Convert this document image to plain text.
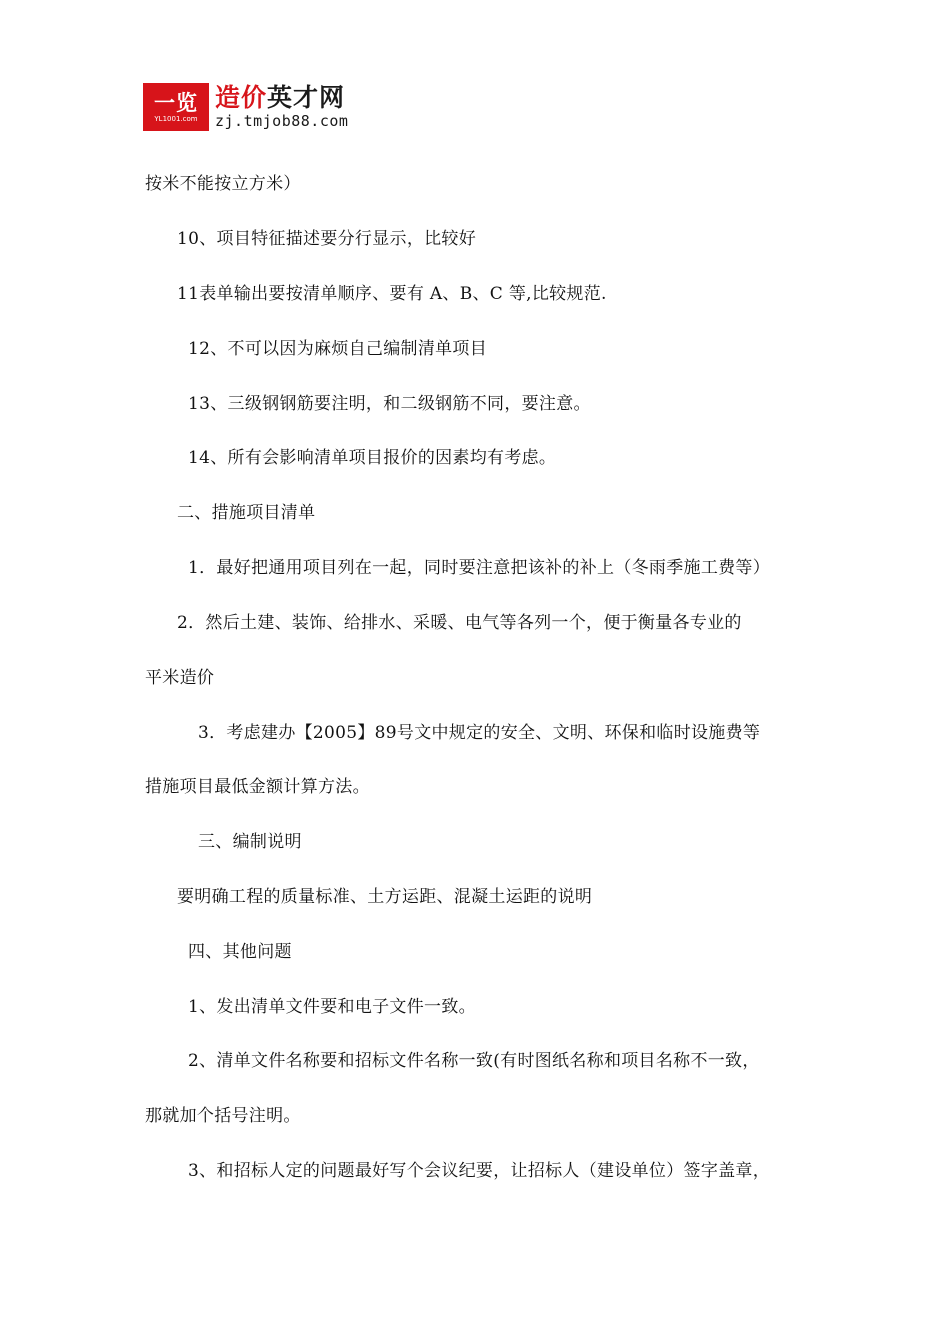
一览
YL1001.com
造价英才网
zj.tmjob88.com
按米不能按立方米）
10、项目特征描述要分行显示，比较好
11表单输出要按清单顺序、要有 A、B、C 等,比较规范.
12、不可以因为麻烦自己编制清单项目
13、三级钢钢筋要注明，和二级钢筋不同，要注意。
14、所有会影响清单项目报价的因素均有考虑。
二、措施项目清单
1．最好把通用项目列在一起，同时要注意把该补的补上（冬雨季施工费等）
2．然后土建、装饰、给排水、采暖、电气等各列一个，便于衡量各专业的
平米造价
3．考虑建办【2005】89号文中规定的安全、文明、环保和临时设施费等
措施项目最低金额计算方法。
三、编制说明
要明确工程的质量标准、土方运距、混凝土运距的说明
四、其他问题
1、发出清单文件要和电子文件一致。
2、清单文件名称要和招标文件名称一致(有时图纸名称和项目名称不一致，
那就加个括号注明。
3、和招标人定的问题最好写个会议纪要，让招标人（建设单位）签字盖章，
